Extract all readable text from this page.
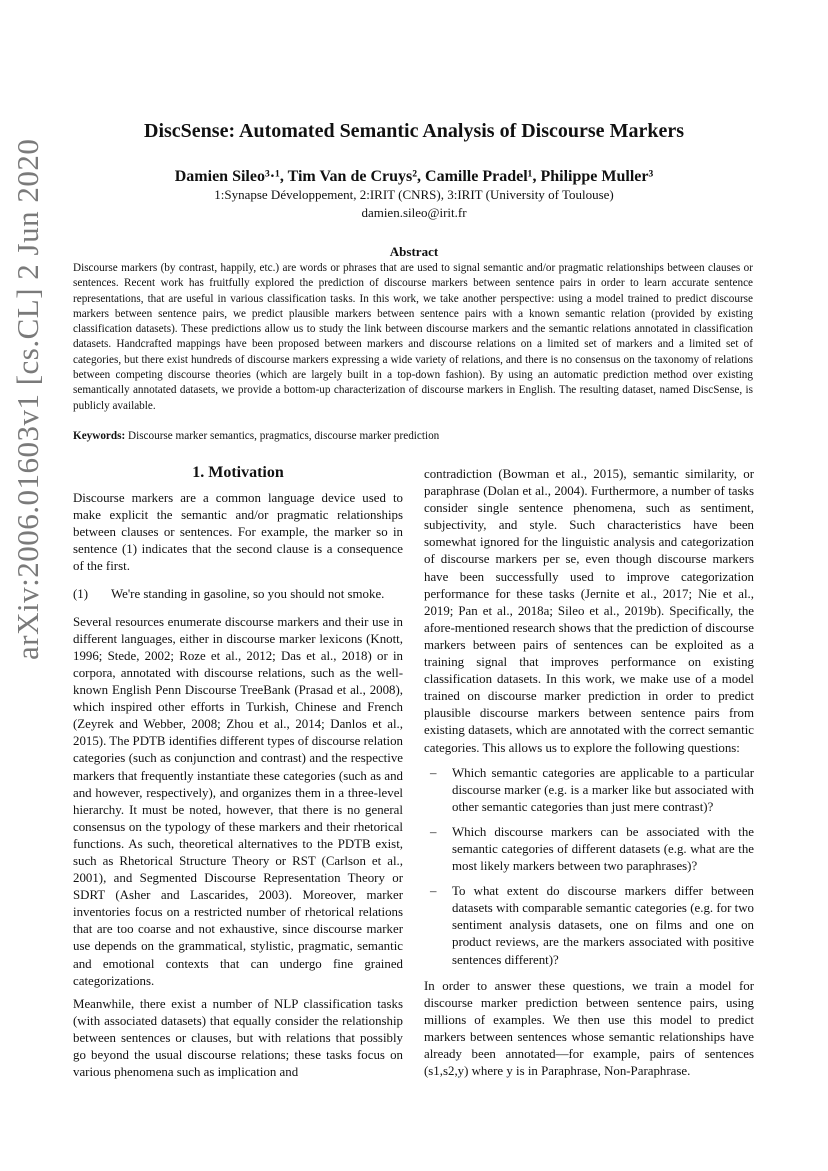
arXiv:2006.01603v1 [cs.CL] 2 Jun 2020
DiscSense: Automated Semantic Analysis of Discourse Markers
Damien Sileo³·¹, Tim Van de Cruys², Camille Pradel¹, Philippe Muller³
1:Synapse Développement, 2:IRIT (CNRS), 3:IRIT (University of Toulouse)
damien.sileo@irit.fr
Abstract
Discourse markers (by contrast, happily, etc.) are words or phrases that are used to signal semantic and/or pragmatic relationships between clauses or sentences. Recent work has fruitfully explored the prediction of discourse markers between sentence pairs in order to learn accurate sentence representations, that are useful in various classification tasks. In this work, we take another perspective: using a model trained to predict discourse markers between sentence pairs, we predict plausible markers between sentence pairs with a known semantic relation (provided by existing classification datasets). These predictions allow us to study the link between discourse markers and the semantic relations annotated in classification datasets. Handcrafted mappings have been proposed between markers and discourse relations on a limited set of markers and a limited set of categories, but there exist hundreds of discourse markers expressing a wide variety of relations, and there is no consensus on the taxonomy of relations between competing discourse theories (which are largely built in a top-down fashion). By using an automatic prediction method over existing semantically annotated datasets, we provide a bottom-up characterization of discourse markers in English. The resulting dataset, named DiscSense, is publicly available.
Keywords: Discourse marker semantics, pragmatics, discourse marker prediction
1. Motivation

Discourse markers are a common language device used to make explicit the semantic and/or pragmatic relationships between clauses or sentences. For example, the marker so in sentence (1) indicates that the second clause is a consequence of the first.

(1)	We're standing in gasoline, so you should not smoke.

Several resources enumerate discourse markers and their use in different languages, either in discourse marker lexicons (Knott, 1996; Stede, 2002; Roze et al., 2012; Das et al., 2018) or in corpora, annotated with discourse relations, such as the well-known English Penn Discourse TreeBank (Prasad et al., 2008), which inspired other efforts in Turkish, Chinese and French (Zeyrek and Webber, 2008; Zhou et al., 2014; Danlos et al., 2015). The PDTB identifies different types of discourse relation categories (such as conjunction and contrast) and the respective markers that frequently instantiate these categories (such as and and however, respectively), and organizes them in a three-level hierarchy. It must be noted, however, that there is no general consensus on the typology of these markers and their rhetorical functions. As such, theoretical alternatives to the PDTB exist, such as Rhetorical Structure Theory or RST (Carlson et al., 2001), and Segmented Discourse Representation Theory or SDRT (Asher and Lascarides, 2003). Moreover, marker inventories focus on a restricted number of rhetorical relations that are too coarse and not exhaustive, since discourse marker use depends on the grammatical, stylistic, pragmatic, semantic and emotional contexts that can undergo fine grained categorizations.

Meanwhile, there exist a number of NLP classification tasks (with associated datasets) that equally consider the relationship between sentences or clauses, but with relations that possibly go beyond the usual discourse relations; these tasks focus on various phenomena such as implication and

contradiction (Bowman et al., 2015), semantic similarity, or paraphrase (Dolan et al., 2004). Furthermore, a number of tasks consider single sentence phenomena, such as sentiment, subjectivity, and style. Such characteristics have been somewhat ignored for the linguistic analysis and categorization of discourse markers per se, even though discourse markers have been successfully used to improve categorization performance for these tasks (Jernite et al., 2017; Nie et al., 2019; Pan et al., 2018a; Sileo et al., 2019b). Specifically, the afore-mentioned research shows that the prediction of discourse markers between pairs of sentences can be exploited as a training signal that improves performance on existing classification datasets. In this work, we make use of a model trained on discourse marker prediction in order to predict plausible discourse markers between sentence pairs from existing datasets, which are annotated with the correct semantic categories. This allows us to explore the following questions:

–	Which semantic categories are applicable to a particular discourse marker (e.g. is a marker like but associated with other semantic categories than just mere contrast)?
–	Which discourse markers can be associated with the semantic categories of different datasets (e.g. what are the most likely markers between two paraphrases)?
–	To what extent do discourse markers differ between datasets with comparable semantic categories (e.g. for two sentiment analysis datasets, one on films and one on product reviews, are the markers associated with positive sentences different)?

In order to answer these questions, we train a model for discourse marker prediction between sentence pairs, using millions of examples. We then use this model to predict markers between sentences whose semantic relationships have already been annotated—for example, pairs of sentences (s1,s2,y) where y is in Paraphrase, Non-Paraphrase.
